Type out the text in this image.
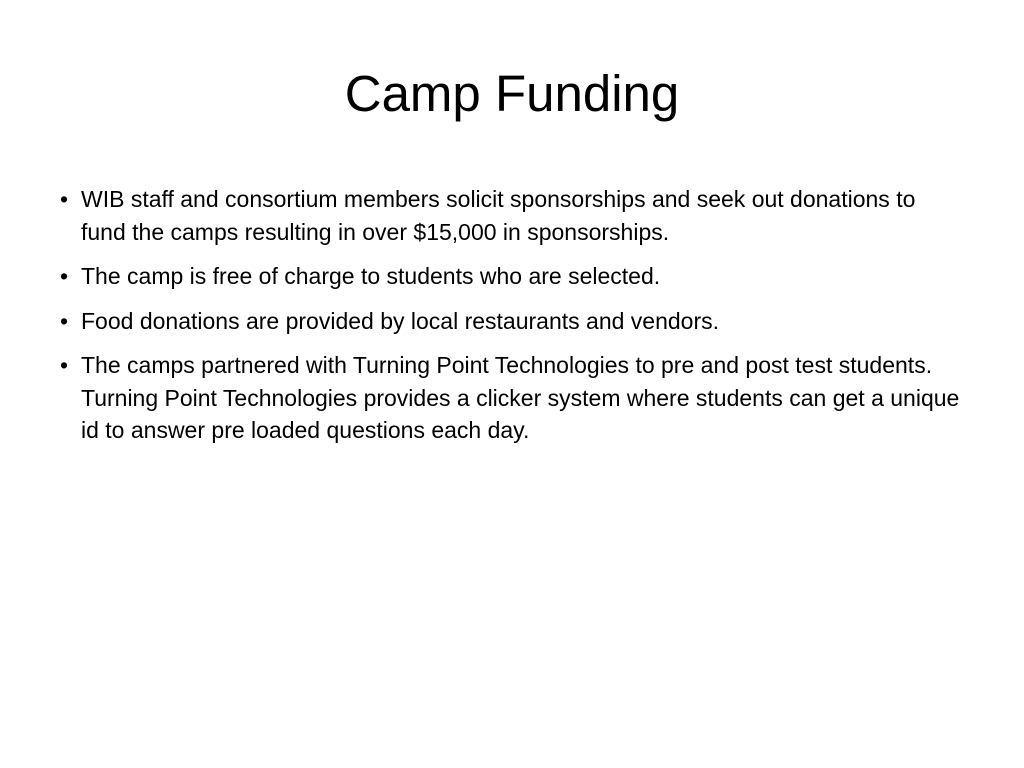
Camp Funding
• WIB staff and consortium members solicit sponsorships and seek out donations to fund the camps resulting in over $15,000 in sponsorships.
• The camp is free of charge to students who are selected.
• Food donations are provided by local restaurants and vendors.
• The camps partnered with Turning Point Technologies to pre and post test students. Turning Point Technologies provides a clicker system where students can get a unique id to answer pre loaded questions each day.
